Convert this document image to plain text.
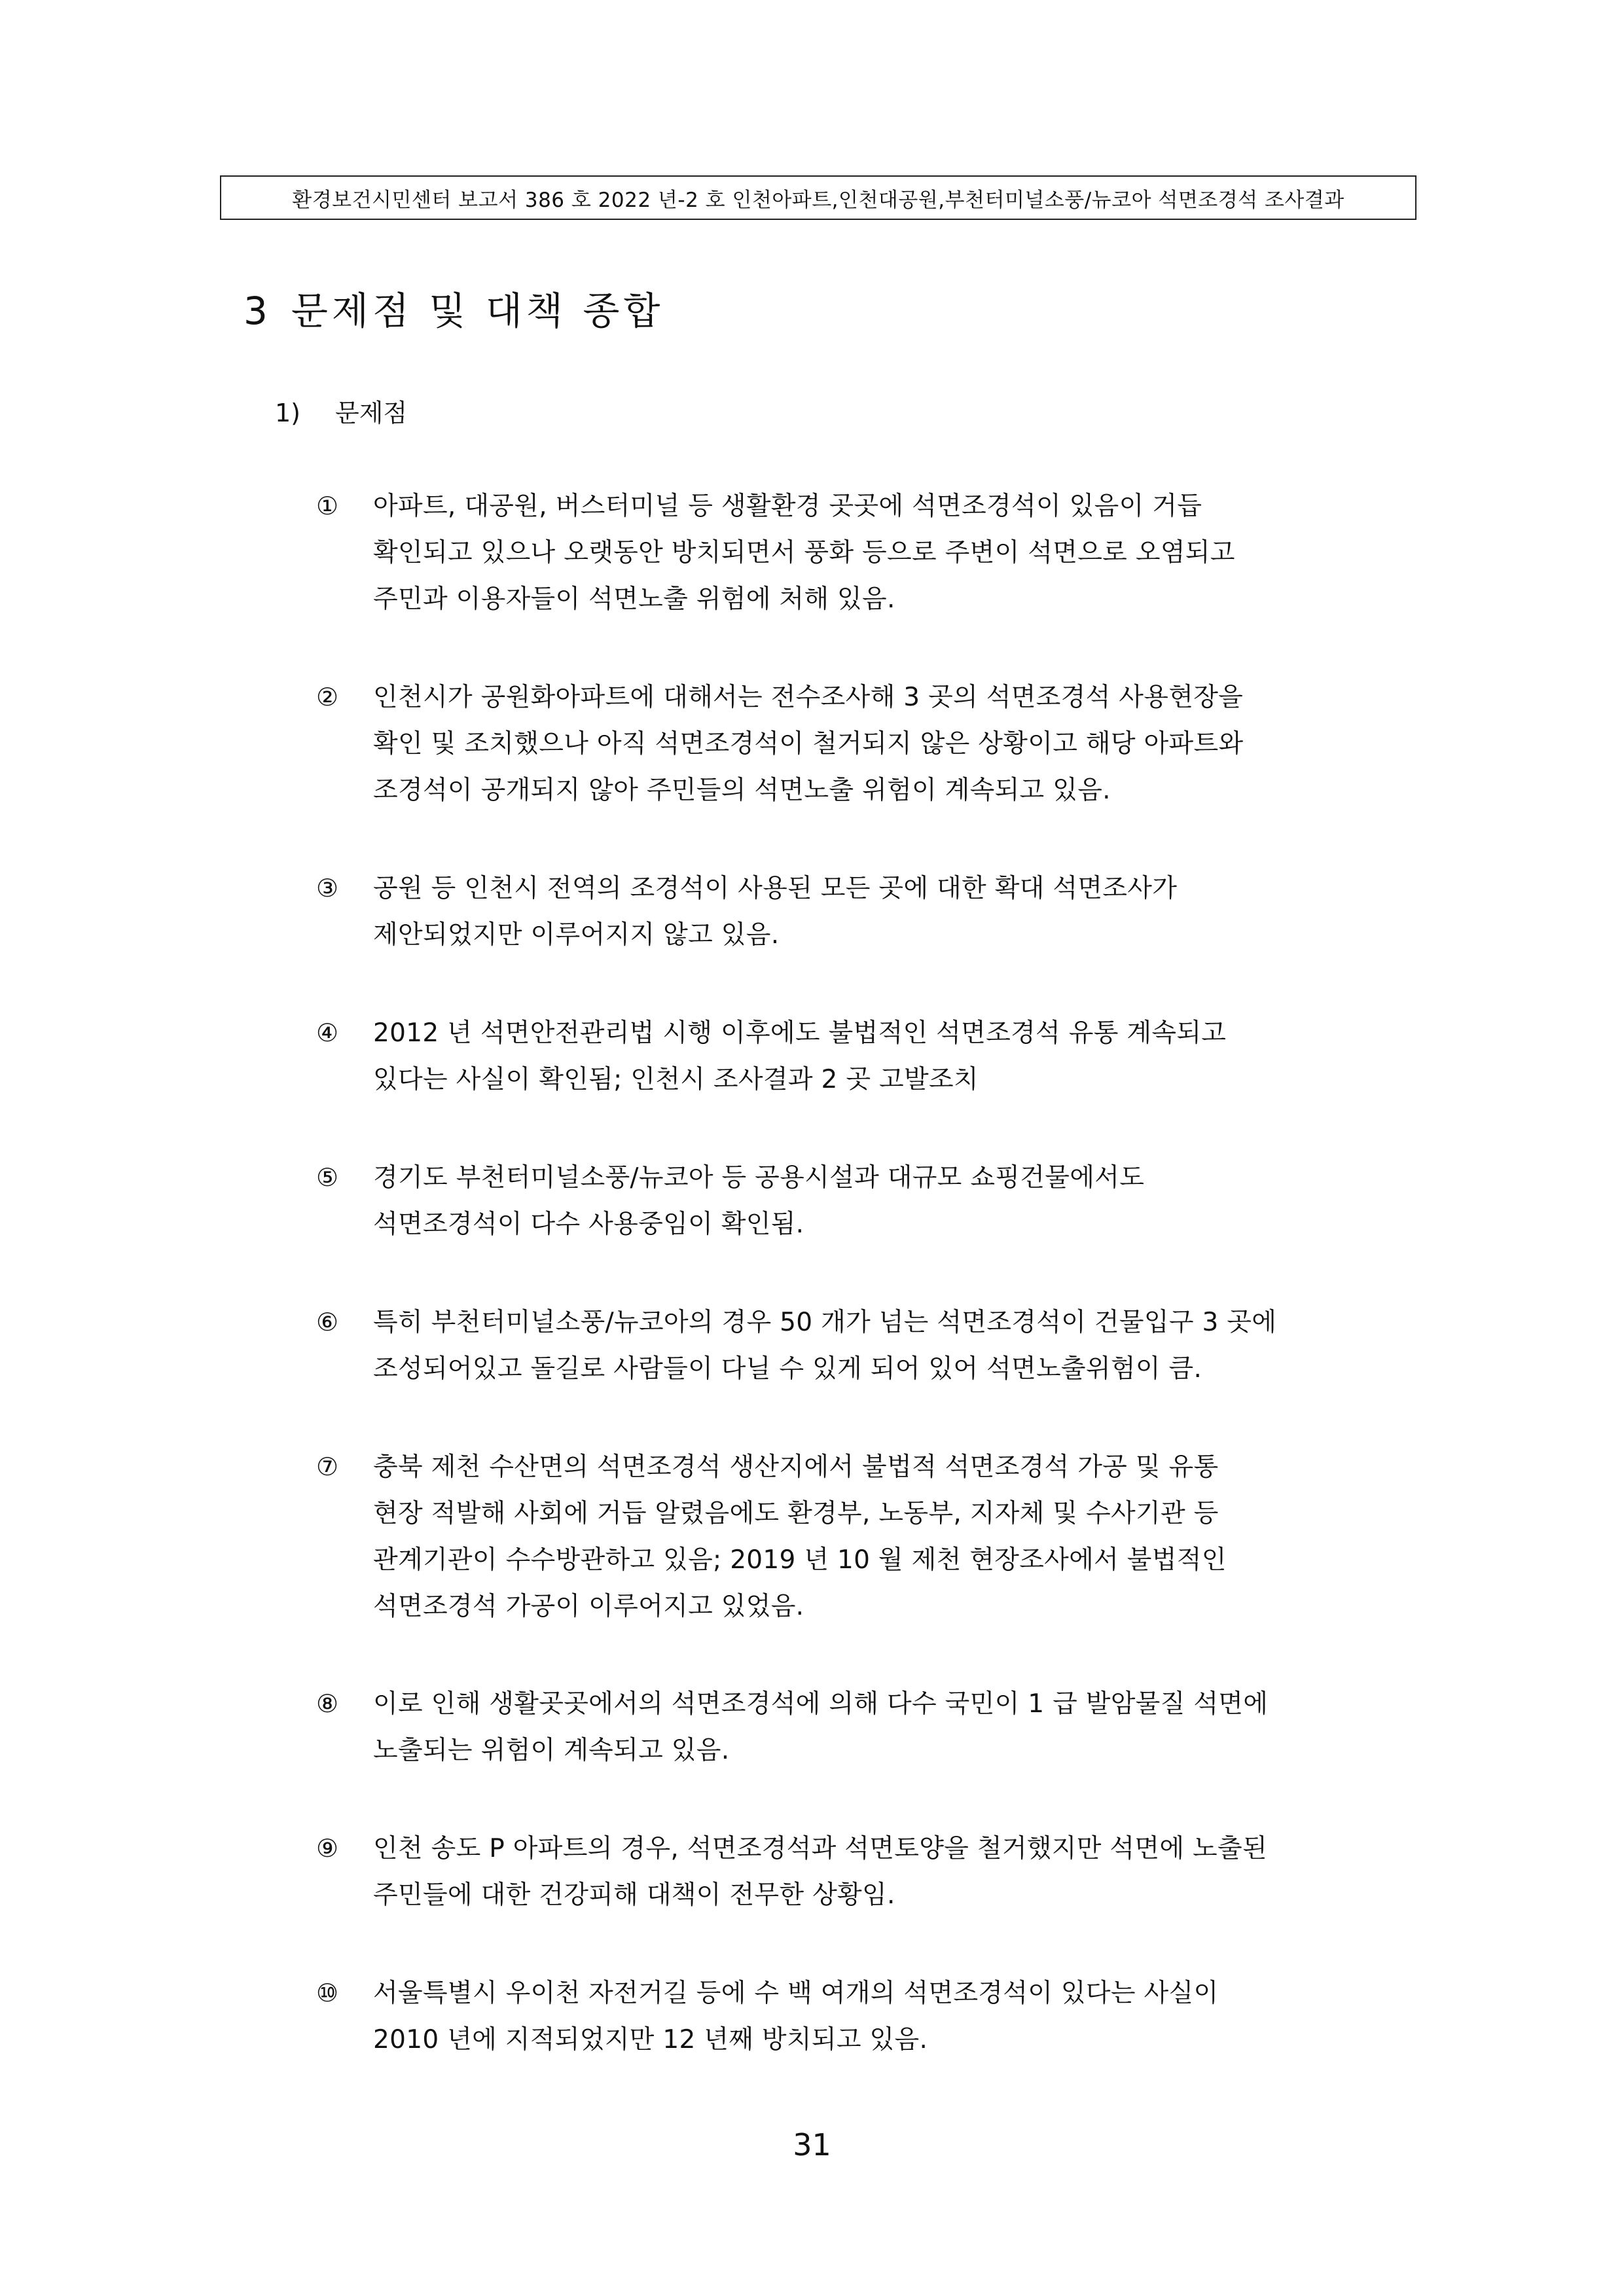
환경보건시민센터 보고서 386 호 2022 년-2 호 인천아파트,인천대공원,부천터미널소풍/뉴코아 석면조경석 조사결과
3 문제점 및 대책 종합
1) 문제점
① 아파트, 대공원, 버스터미널 등 생활환경 곳곳에 석면조경석이 있음이 거듭
확인되고 있으나 오랫동안 방치되면서 풍화 등으로 주변이 석면으로 오염되고
주민과 이용자들이 석면노출 위험에 처해 있음.
② 인천시가 공원화아파트에 대해서는 전수조사해 3 곳의 석면조경석 사용현장을
확인 및 조치했으나 아직 석면조경석이 철거되지 않은 상황이고 해당 아파트와
조경석이 공개되지 않아 주민들의 석면노출 위험이 계속되고 있음.
③ 공원 등 인천시 전역의 조경석이 사용된 모든 곳에 대한 확대 석면조사가
제안되었지만 이루어지지 않고 있음.
④ 2012 년 석면안전관리법 시행 이후에도 불법적인 석면조경석 유통 계속되고
있다는 사실이 확인됨; 인천시 조사결과 2 곳 고발조치
⑤ 경기도 부천터미널소풍/뉴코아 등 공용시설과 대규모 쇼핑건물에서도
석면조경석이 다수 사용중임이 확인됨.
⑥ 특히 부천터미널소풍/뉴코아의 경우 50 개가 넘는 석면조경석이 건물입구 3 곳에
조성되어있고 돌길로 사람들이 다닐 수 있게 되어 있어 석면노출위험이 큼.
⑦ 충북 제천 수산면의 석면조경석 생산지에서 불법적 석면조경석 가공 및 유통
현장 적발해 사회에 거듭 알렸음에도 환경부, 노동부, 지자체 및 수사기관 등
관계기관이 수수방관하고 있음; 2019 년 10 월 제천 현장조사에서 불법적인
석면조경석 가공이 이루어지고 있었음.
⑧ 이로 인해 생활곳곳에서의 석면조경석에 의해 다수 국민이 1 급 발암물질 석면에
노출되는 위험이 계속되고 있음.
⑨ 인천 송도 P 아파트의 경우, 석면조경석과 석면토양을 철거했지만 석면에 노출된
주민들에 대한 건강피해 대책이 전무한 상황임.
⑩ 서울특별시 우이천 자전거길 등에 수 백 여개의 석면조경석이 있다는 사실이
2010 년에 지적되었지만 12 년째 방치되고 있음.
31
